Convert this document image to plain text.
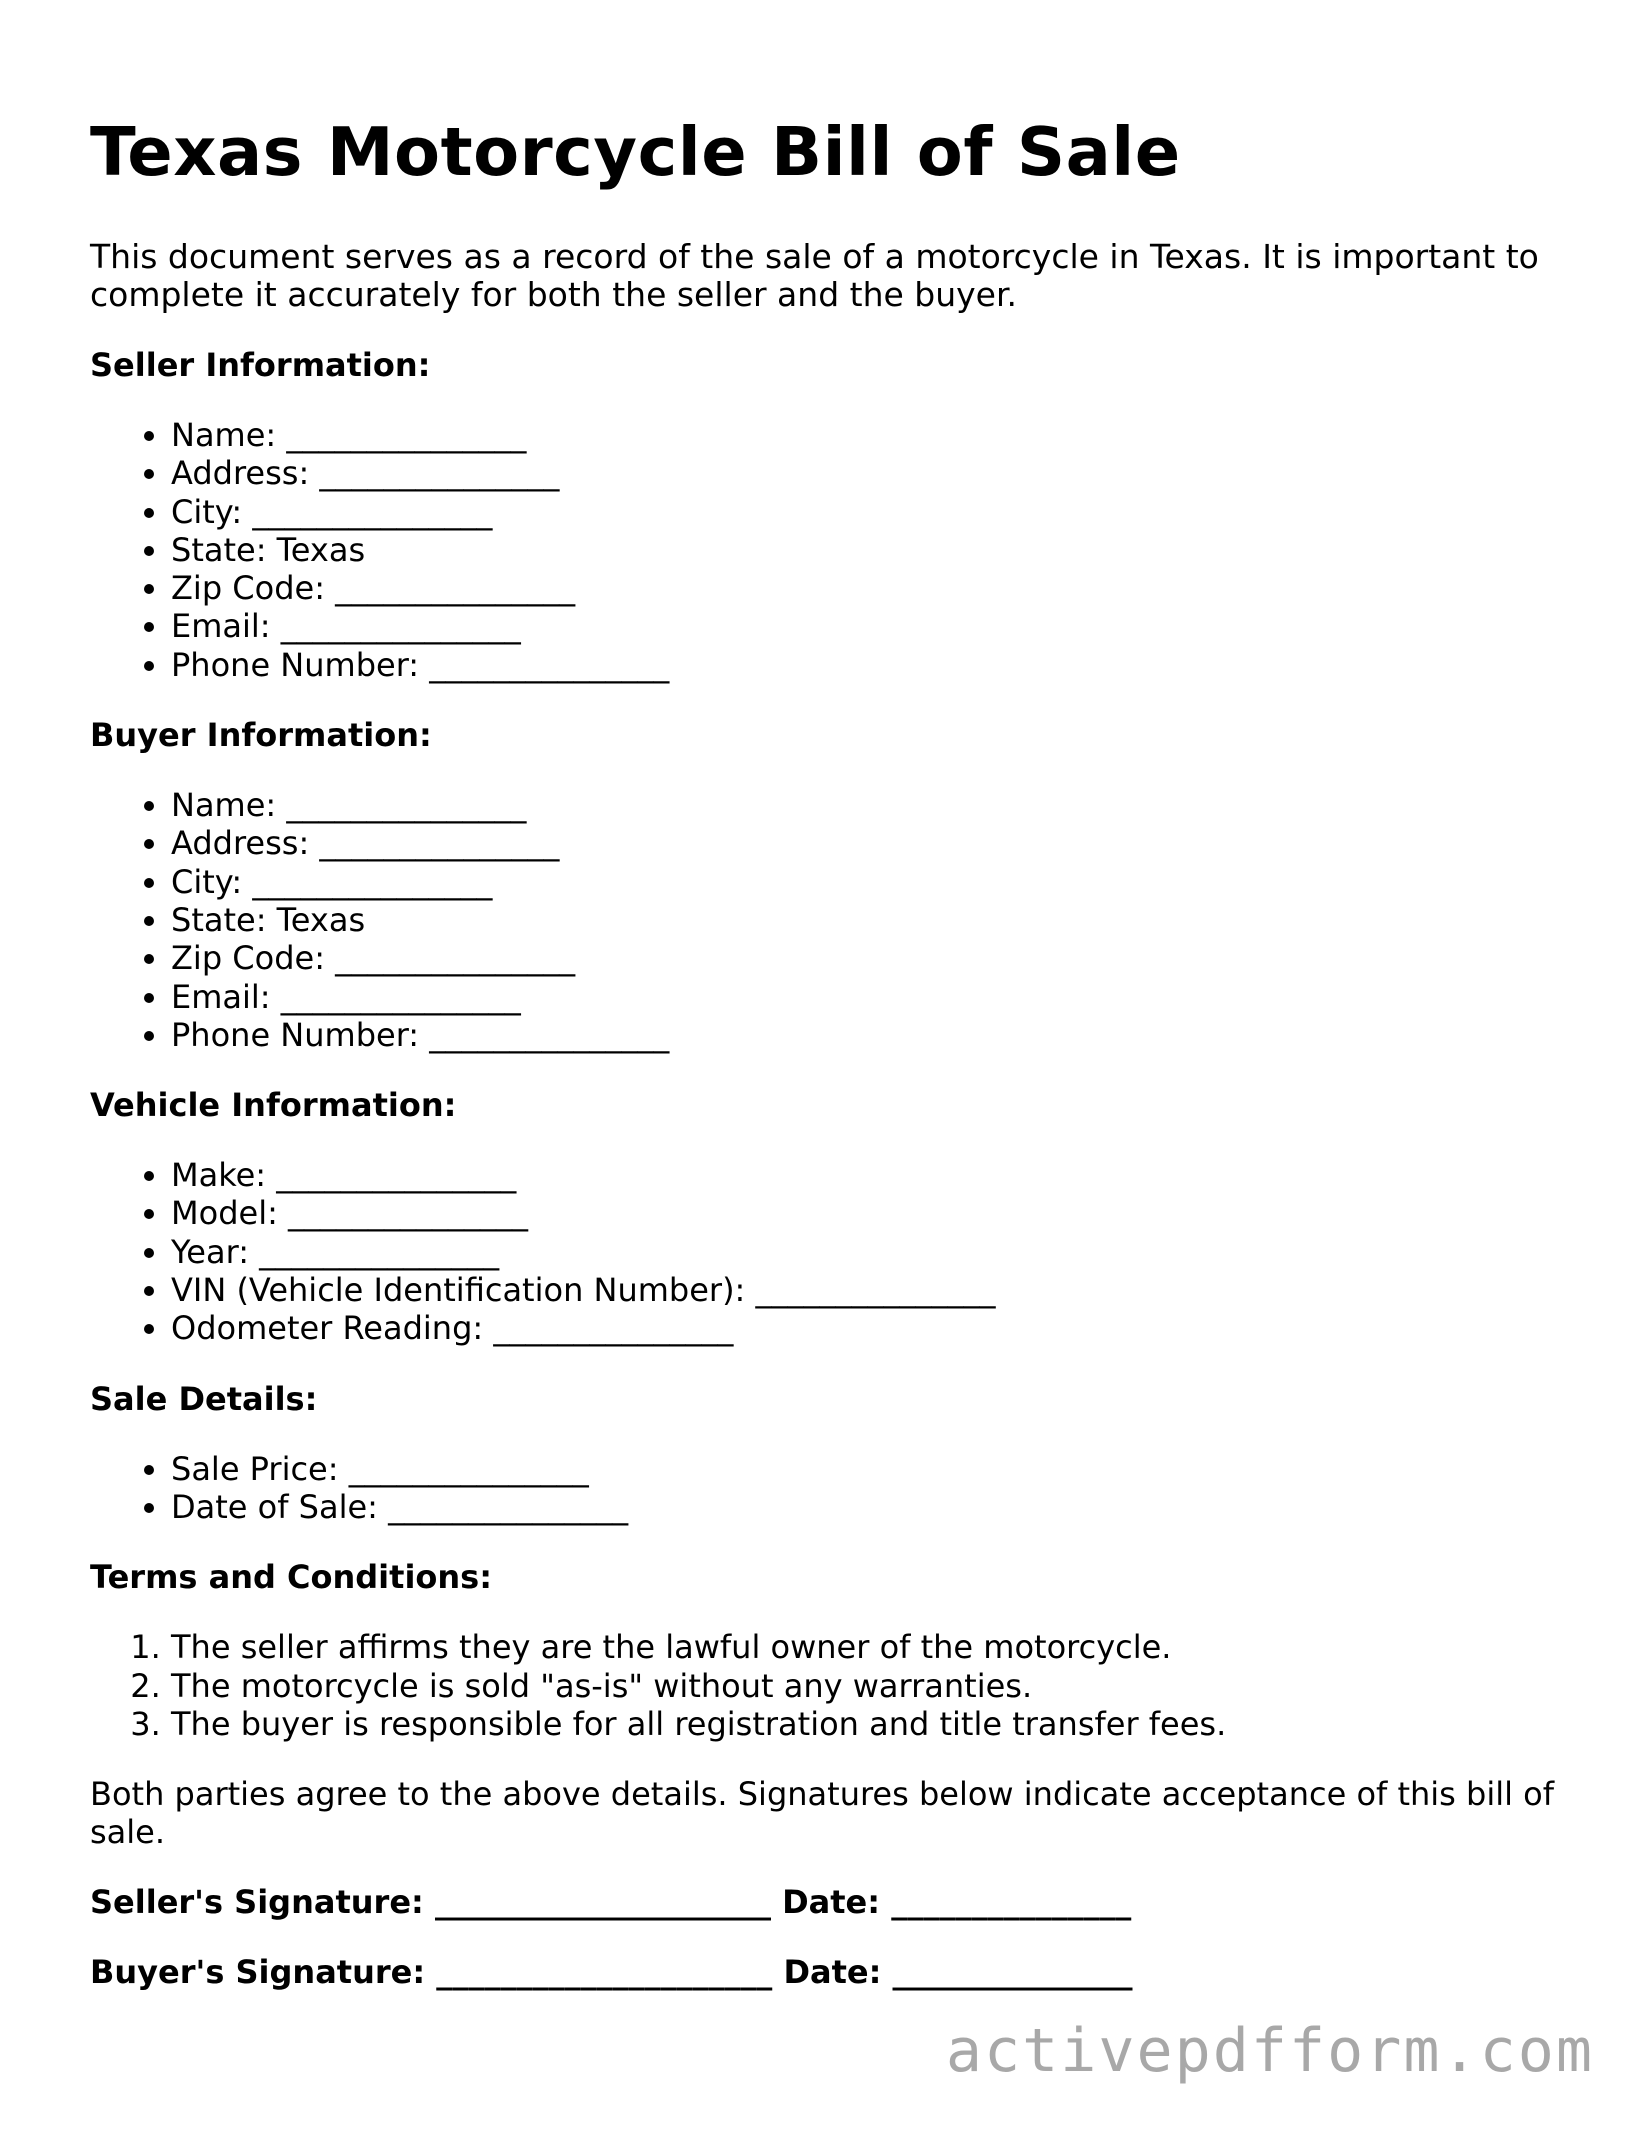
Texas Motorcycle Bill of Sale

This document serves as a record of the sale of a motorcycle in Texas. It is important to complete it accurately for both the seller and the buyer.

Seller Information:
• Name: _______________
• Address: _______________
• City: _______________
• State: Texas
• Zip Code: _______________
• Email: _______________
• Phone Number: _______________
Buyer Information:
• Name: _______________
• Address: _______________
• City: _______________
• State: Texas
• Zip Code: _______________
• Email: _______________
• Phone Number: _______________
Vehicle Information:
• Make: _______________
• Model: _______________
• Year: _______________
• VIN (Vehicle Identification Number): _______________
• Odometer Reading: _______________
Sale Details:
• Sale Price: _______________
• Date of Sale: _______________
Terms and Conditions:
1. The seller affirms they are the lawful owner of the motorcycle.
2. The motorcycle is sold "as-is" without any warranties.
3. The buyer is responsible for all registration and title transfer fees.

Both parties agree to the above details. Signatures below indicate acceptance of this bill of sale.

Seller's Signature: _____________________ Date: _______________
Buyer's Signature: _____________________ Date: _______________
activepdfform.com
